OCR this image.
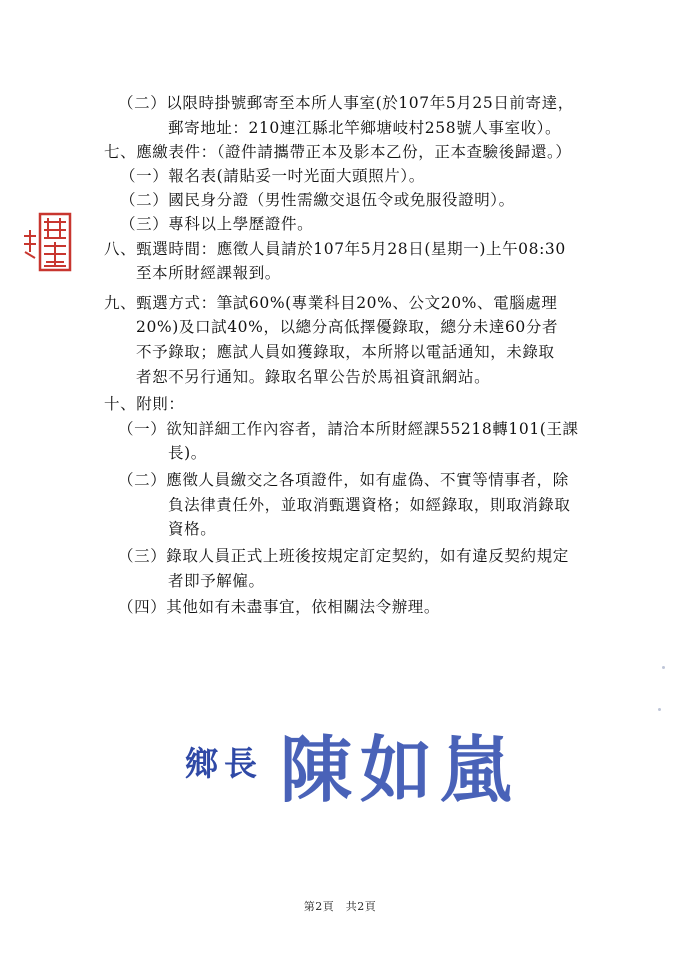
（二）以限時掛號郵寄至本所人事室(於107年5月25日前寄達，
郵寄地址：210連江縣北竿鄉塘岐村258號人事室收）。
七、應繳表件：（證件請攜帶正本及影本乙份，正本查驗後歸還。）
（一）報名表(請貼妥一吋光面大頭照片）。
（二）國民身分證（男性需繳交退伍令或免服役證明）。
（三）專科以上學歷證件。
八、甄選時間：應徵人員請於107年5月28日(星期一)上午08:30
至本所財經課報到。
九、甄選方式：筆試60%(專業科目20%、公文20%、電腦處理
20%)及口試40%，以總分高低擇優錄取，總分未達60分者
不予錄取；應試人員如獲錄取，本所將以電話通知，未錄取
者恕不另行通知。錄取名單公告於馬祖資訊網站。
十、附則：
（一）欲知詳細工作內容者，請洽本所財經課55218轉101(王課
長)。
（二）應徵人員繳交之各項證件，如有虛偽、不實等情事者，除
負法律責任外，並取消甄選資格；如經錄取，則取消錄取
資格。
（三）錄取人員正式上班後按規定訂定契約，如有違反契約規定
者即予解僱。
（四）其他如有未盡事宜，依相關法令辦理。
鄉長 陳如嵐
第2頁　共2頁
